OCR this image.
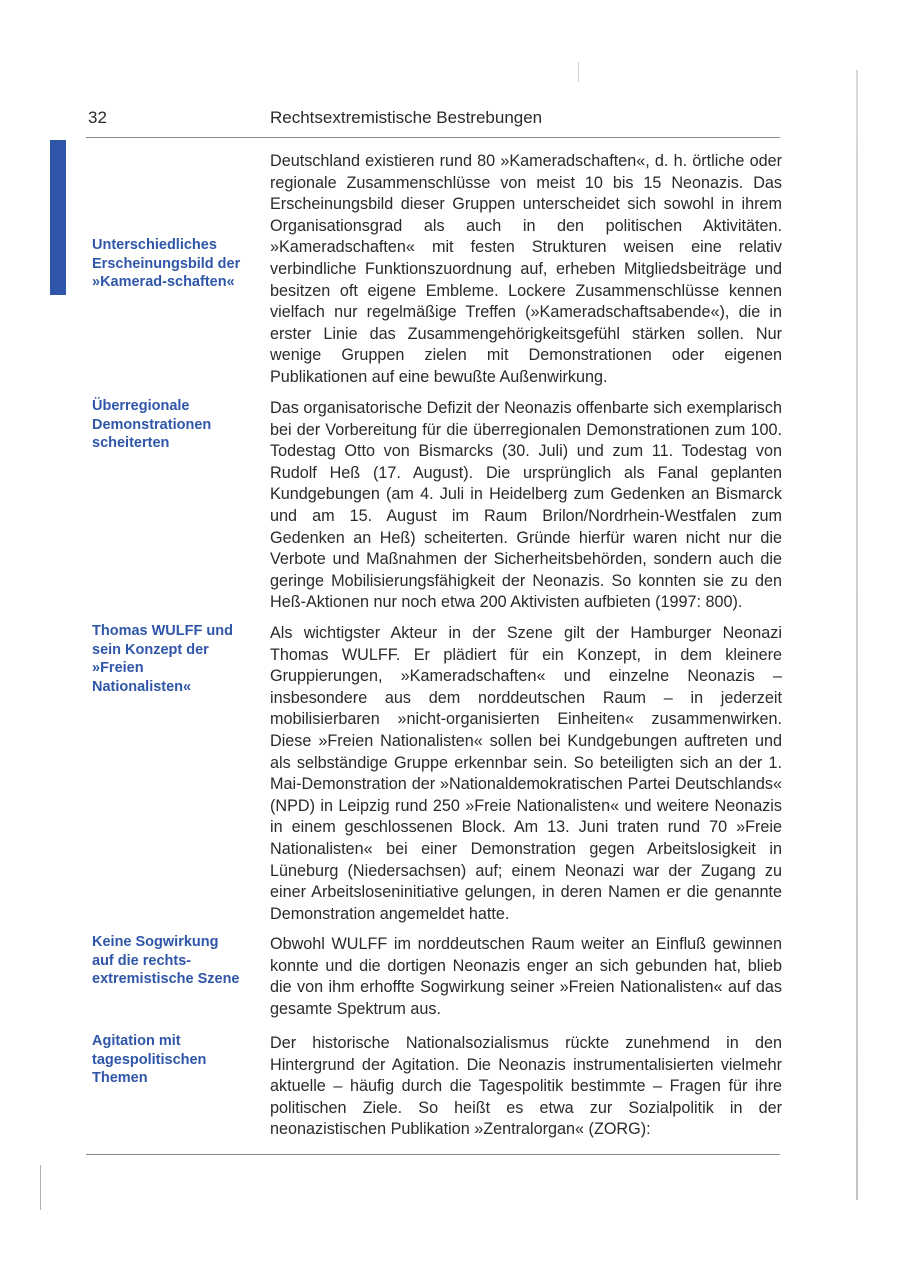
32	Rechtsextremistische Bestrebungen
Unterschiedliches Erscheinungsbild der »Kamerad-schaften«
Überregionale Demonstrationen scheiterten
Thomas WULFF und sein Konzept der »Freien Nationalisten«
Keine Sogwirkung auf die rechts-extremistische Szene
Agitation mit tagespolitischen Themen
Deutschland existieren rund 80 »Kameradschaften«, d. h. örtliche oder regionale Zusammenschlüsse von meist 10 bis 15 Neonazis. Das Erscheinungsbild dieser Gruppen unterscheidet sich sowohl in ihrem Organisationsgrad als auch in den politischen Aktivitäten. »Kameradschaften« mit festen Strukturen weisen eine relativ verbindliche Funktionszuordnung auf, erheben Mitgliedsbeiträge und besitzen oft eigene Embleme. Lockere Zusammenschlüsse kennen vielfach nur regelmäßige Treffen (»Kameradschaftsabende«), die in erster Linie das Zusammengehörigkeitsgefühl stärken sollen. Nur wenige Gruppen zielen mit Demonstrationen oder eigenen Publikationen auf eine bewußte Außenwirkung.
Das organisatorische Defizit der Neonazis offenbarte sich exemplarisch bei der Vorbereitung für die überregionalen Demonstrationen zum 100. Todestag Otto von Bismarcks (30. Juli) und zum 11. Todestag von Rudolf Heß (17. August). Die ursprünglich als Fanal geplanten Kundgebungen (am 4. Juli in Heidelberg zum Gedenken an Bismarck und am 15. August im Raum Brilon/Nordrhein-Westfalen zum Gedenken an Heß) scheiterten. Gründe hierfür waren nicht nur die Verbote und Maßnahmen der Sicherheitsbehörden, sondern auch die geringe Mobilisierungsfähigkeit der Neonazis. So konnten sie zu den Heß-Aktionen nur noch etwa 200 Aktivisten aufbieten (1997: 800).
Als wichtigster Akteur in der Szene gilt der Hamburger Neonazi Thomas WULFF. Er plädiert für ein Konzept, in dem kleinere Gruppierungen, »Kameradschaften« und einzelne Neonazis – insbesondere aus dem norddeutschen Raum – in jederzeit mobilisierbaren »nicht-organisierten Einheiten« zusammenwirken. Diese »Freien Nationalisten« sollen bei Kundgebungen auftreten und als selbständige Gruppe erkennbar sein. So beteiligten sich an der 1. Mai-Demonstration der »Nationaldemokratischen Partei Deutschlands« (NPD) in Leipzig rund 250 »Freie Nationalisten« und weitere Neonazis in einem geschlossenen Block. Am 13. Juni traten rund 70 »Freie Nationalisten« bei einer Demonstration gegen Arbeitslosigkeit in Lüneburg (Niedersachsen) auf; einem Neonazi war der Zugang zu einer Arbeitsloseninitiative gelungen, in deren Namen er die genannte Demonstration angemeldet hatte.
Obwohl WULFF im norddeutschen Raum weiter an Einfluß gewinnen konnte und die dortigen Neonazis enger an sich gebunden hat, blieb die von ihm erhoffte Sogwirkung seiner »Freien Nationalisten« auf das gesamte Spektrum aus.
Der historische Nationalsozialismus rückte zunehmend in den Hintergrund der Agitation. Die Neonazis instrumentalisierten vielmehr aktuelle – häufig durch die Tagespolitik bestimmte – Fragen für ihre politischen Ziele. So heißt es etwa zur Sozialpolitik in der neonazistischen Publikation »Zentralorgan« (ZORG):
